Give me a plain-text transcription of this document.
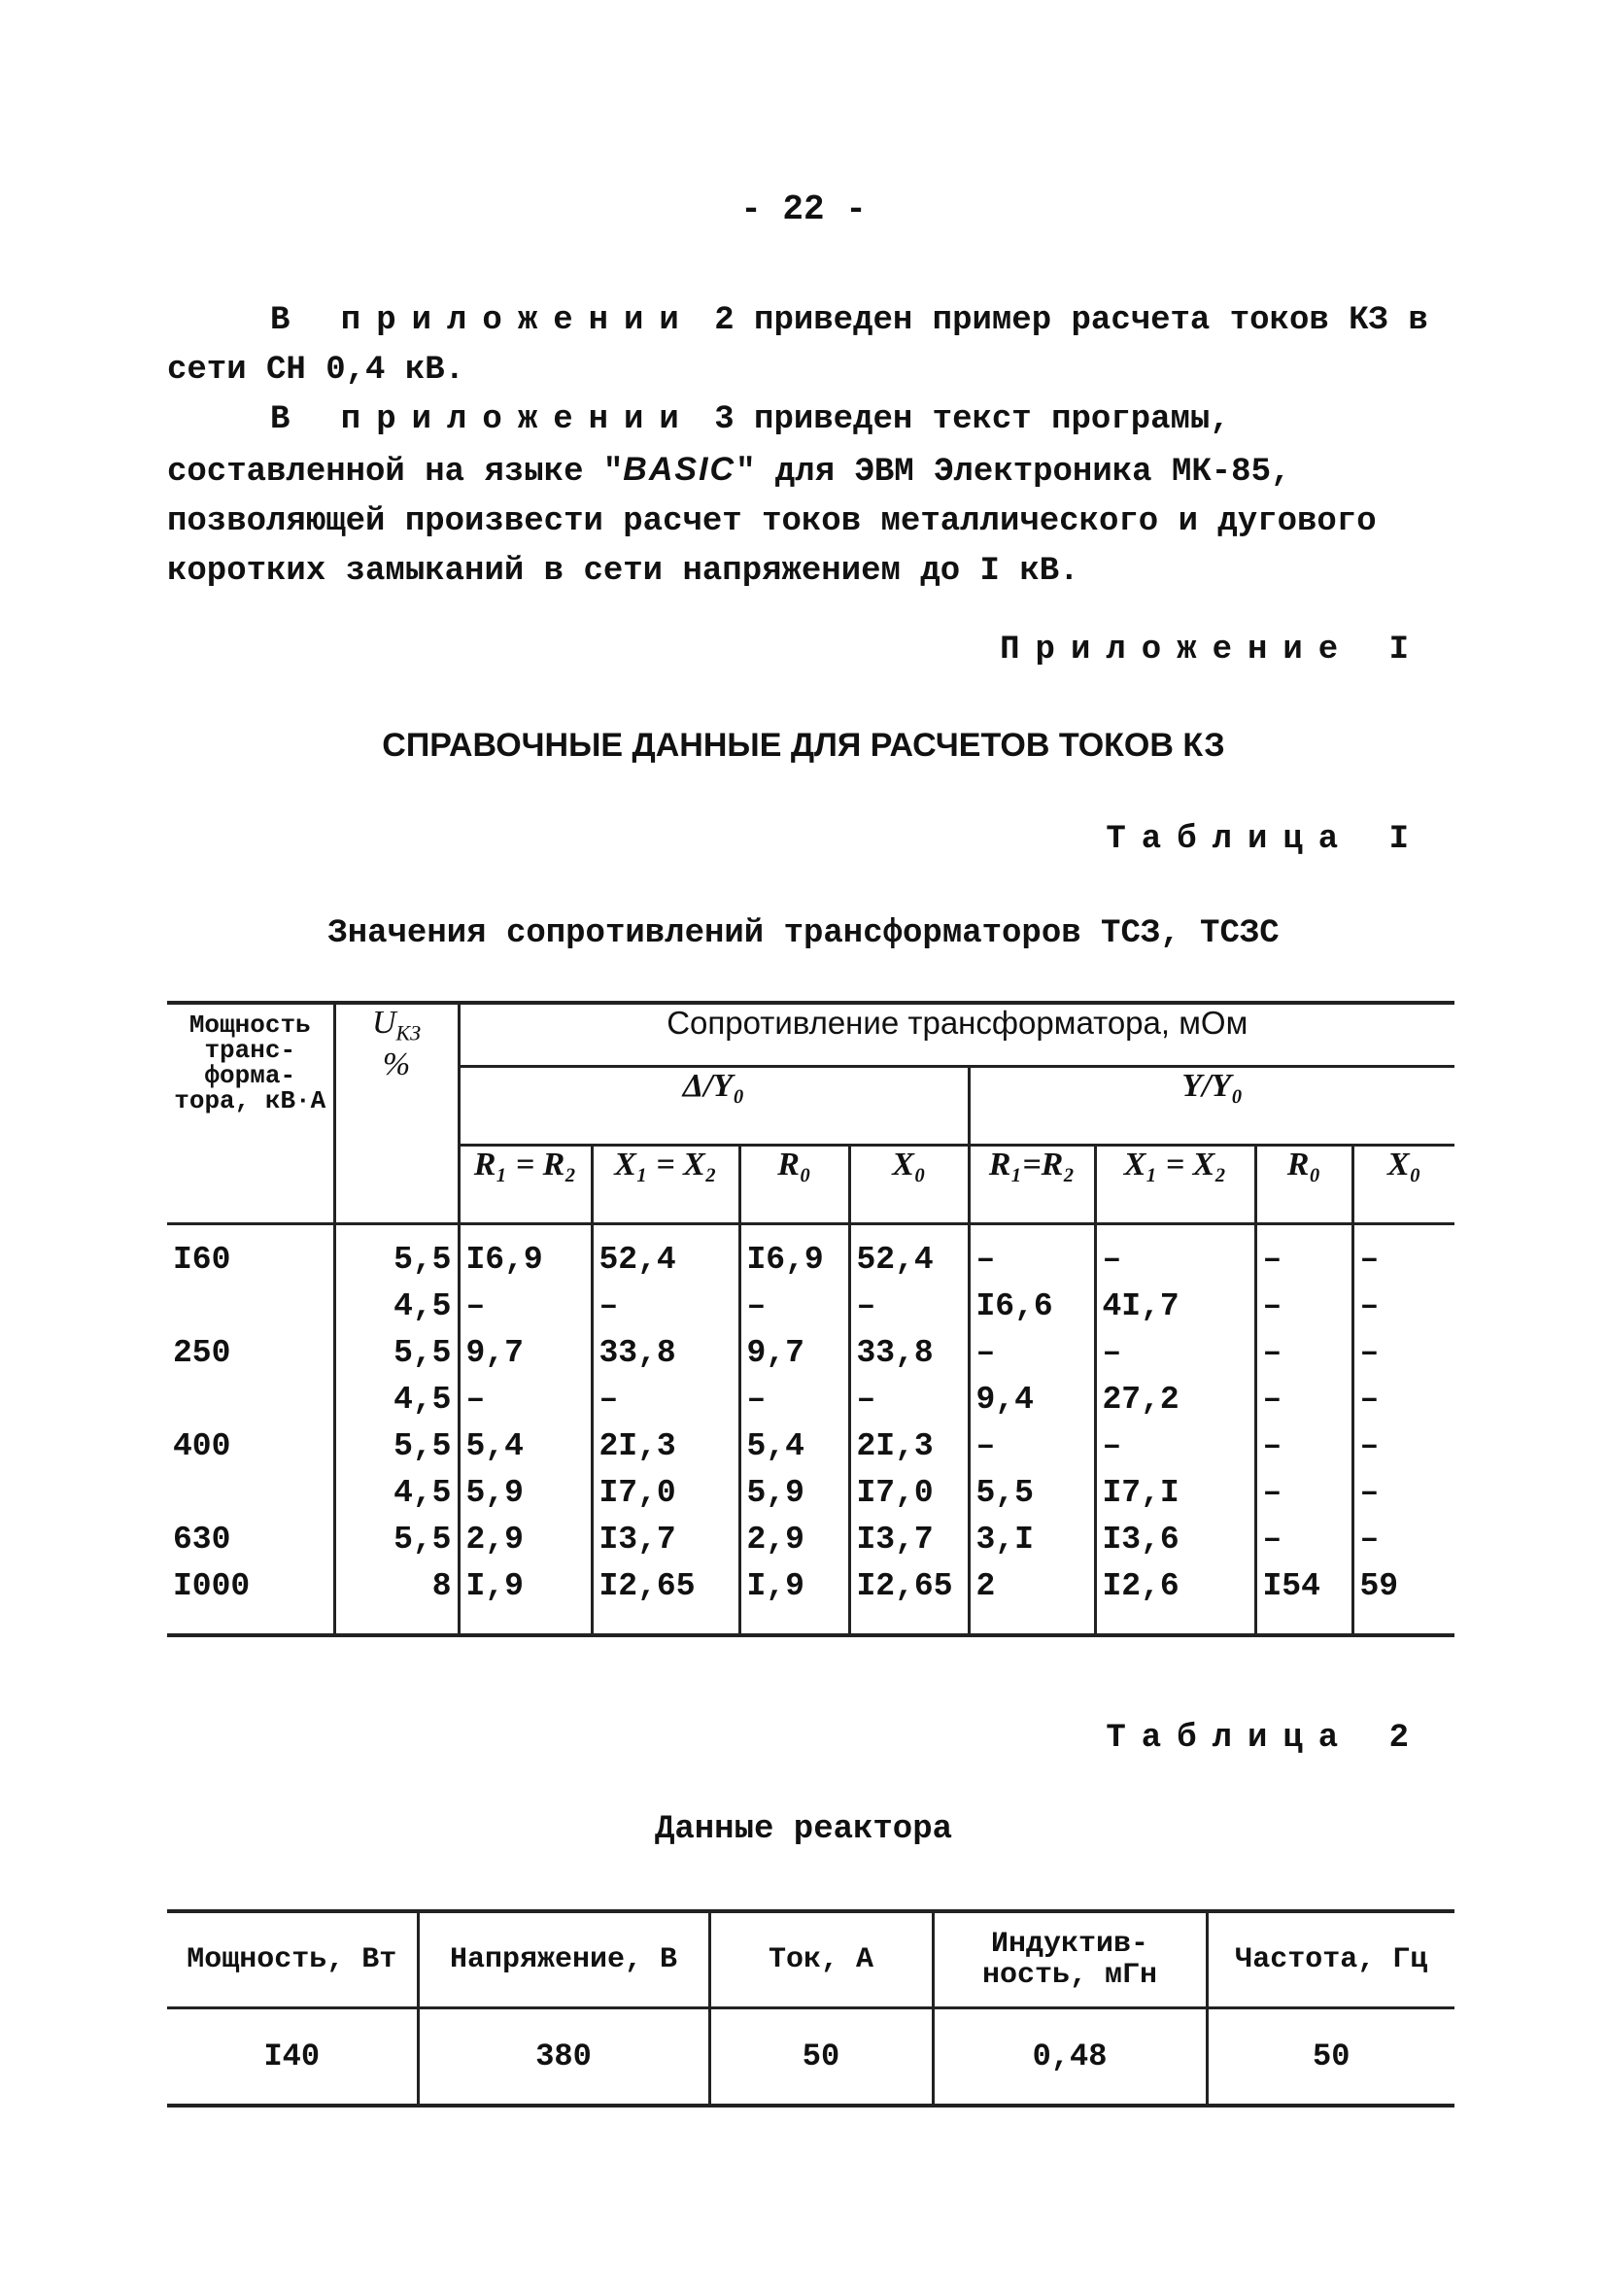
- 22 -
В приложении 2 приведен пример расчета токов КЗ в сети СН 0,4 кВ.
В приложении 3 приведен текст програмы, составленной на языке "BASIC" для ЭВМ Электроника МК-85, позволяющей произвести расчет токов металлического и дугового коротких замыканий в сети напряжением до I кВ.
Приложение I
СПРАВОЧНЫЕ ДАННЫЕ ДЛЯ РАСЧЕТОВ ТОКОВ КЗ
Таблица I
Значения сопротивлений трансформаторов ТСЗ, ТСЗС
Мощность транс-форма-тора, кВ·А	$U_{КЗ}$
%	Сопротивление трансформатора, мОм							
		Δ/Y₀				Y/Y₀			
		R₁ = R₂	X₁ = X₂	R₀	X₀	R₁=R₂	X₁ = X₂	R₀	X₀
I60	5,5	I6,9	52,4	I6,9	52,4	–	–	–	–
	4,5	–	–	–	–	I6,6	4I,7	–	–
250	5,5	9,7	33,8	9,7	33,8	–	–	–	–
	4,5	–	–	–	–	9,4	27,2	–	–
400	5,5	5,4	2I,3	5,4	2I,3	–	–	–	–
	4,5	5,9	I7,0	5,9	I7,0	5,5	I7,I	–	–
630	5,5	2,9	I3,7	2,9	I3,7	3,I	I3,6	–	–
I000	8	I,9	I2,65	I,9	I2,65	2	I2,6	I54	59
Таблица 2
Данные реактора
Мощность, Вт	Напряжение, В	Ток, А	Индуктив-ность, мГн	Частота, Гц
I40	380	50	0,48	50
